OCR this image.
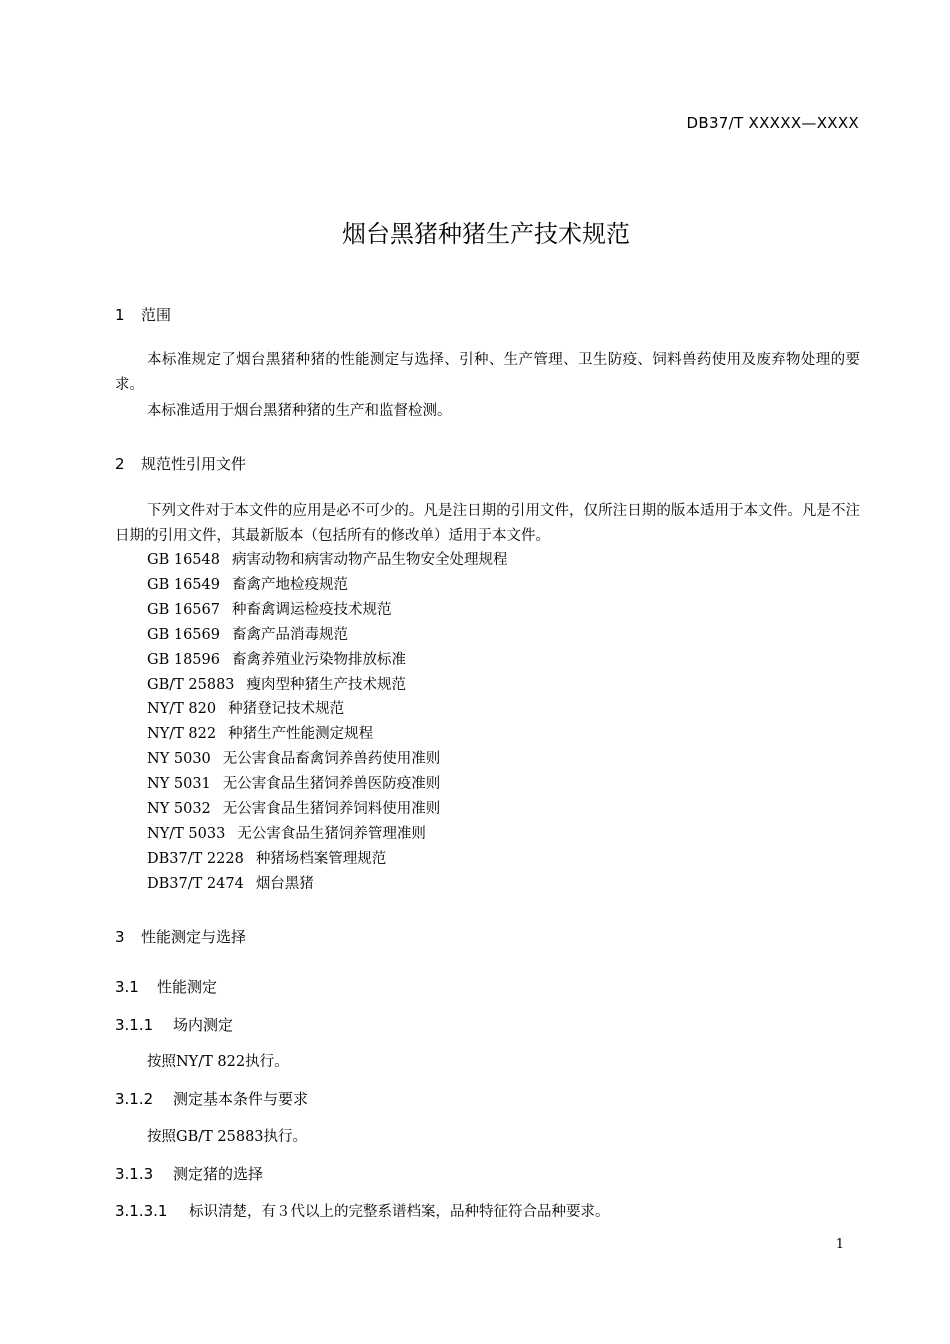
DB37/T XXXXX—XXXX
烟台黑猪种猪生产技术规范
1 范围

本标准规定了烟台黑猪种猪的性能测定与选择、引种、生产管理、卫生防疫、饲料兽药使用及废弃物处理的要求。

本标准适用于烟台黑猪种猪的生产和监督检测。

2 规范性引用文件

下列文件对于本文件的应用是必不可少的。凡是注日期的引用文件，仅所注日期的版本适用于本文件。凡是不注日期的引用文件，其最新版本（包括所有的修改单）适用于本文件。

GB 16548 病害动物和病害动物产品生物安全处理规程
GB 16549 畜禽产地检疫规范
GB 16567 种畜禽调运检疫技术规范
GB 16569 畜禽产品消毒规范
GB 18596 畜禽养殖业污染物排放标准
GB/T 25883 瘦肉型种猪生产技术规范
NY/T 820 种猪登记技术规范
NY/T 822 种猪生产性能测定规程
NY 5030 无公害食品畜禽饲养兽药使用准则
NY 5031 无公害食品生猪饲养兽医防疫准则
NY 5032 无公害食品生猪饲养饲料使用准则
NY/T 5033 无公害食品生猪饲养管理准则
DB37/T 2228 种猪场档案管理规范
DB37/T 2474 烟台黑猪
3 性能测定与选择
3.1 性能测定
3.1.1 场内测定
按照NY/T 822执行。
3.1.2 测定基本条件与要求
按照GB/T 25883执行。
3.1.3 测定猪的选择
3.1.3.1 标识清楚，有３代以上的完整系谱档案，品种特征符合品种要求。
1
